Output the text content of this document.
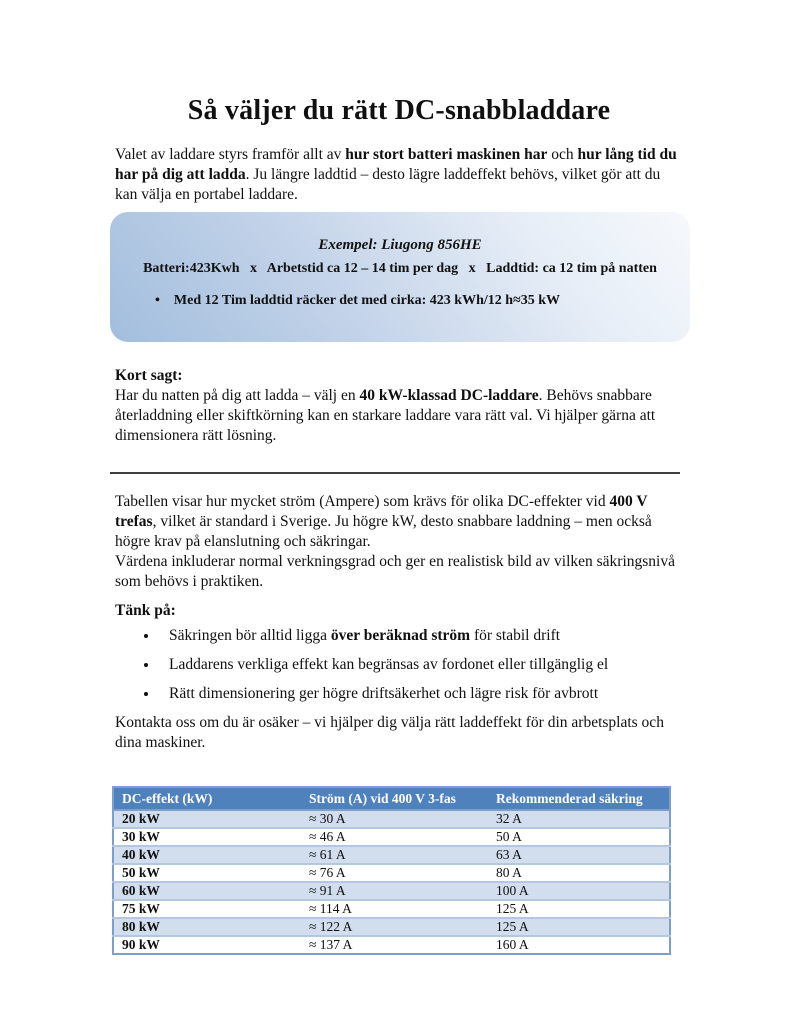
Så väljer du rätt DC-snabbladdare

Valet av laddare styrs framför allt av hur stort batteri maskinen har och hur lång tid du har på dig att ladda. Ju längre laddtid – desto lägre laddeffekt behövs, vilket gör att du kan välja en portabel laddare.

Exempel: Liugong 856HE
Batteri:423Kwh   x   Arbetstid ca 12 – 14 tim per dag   x   Laddtid: ca 12 tim på natten
• Med 12 Tim laddtid räcker det med cirka: 423 kWh/12 h≈35 kW

Kort sagt:
Har du natten på dig att ladda – välj en 40 kW-klassad DC-laddare. Behövs snabbare återladdning eller skiftkörning kan en starkare laddare vara rätt val. Vi hjälper gärna att dimensionera rätt lösning.

Tabellen visar hur mycket ström (Ampere) som krävs för olika DC-effekter vid 400 V trefas, vilket är standard i Sverige. Ju högre kW, desto snabbare laddning – men också högre krav på elanslutning och säkringar.
Värdena inkluderar normal verkningsgrad och ger en realistisk bild av vilken säkringsnivå som behövs i praktiken.

Tänk på:
• Säkringen bör alltid ligga över beräknad ström för stabil drift
• Laddarens verkliga effekt kan begränsas av fordonet eller tillgänglig el
• Rätt dimensionering ger högre driftsäkerhet och lägre risk för avbrott

Kontakta oss om du är osäker – vi hjälper dig välja rätt laddeffekt för din arbetsplats och dina maskiner.

DC-effekt (kW)	Ström (A) vid 400 V 3-fas	Rekommenderad säkring
20 kW	≈ 30 A	32 A
30 kW	≈ 46 A	50 A
40 kW	≈ 61 A	63 A
50 kW	≈ 76 A	80 A
60 kW	≈ 91 A	100 A
75 kW	≈ 114 A	125 A
80 kW	≈ 122 A	125 A
90 kW	≈ 137 A	160 A
